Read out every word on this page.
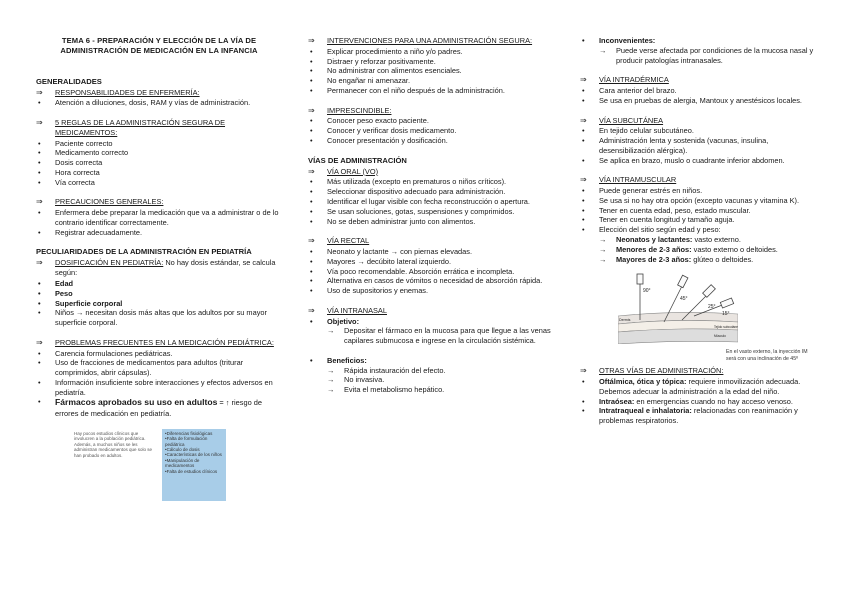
TEMA 6 - PREPARACIÓN Y ELECCIÓN DE LA VÍA DE
ADMINISTRACIÓN DE MEDICACIÓN EN LA INFANCIA
GENERALIDADES
⇒	RESPONSABILIDADES DE ENFERMERÍA:
• Atención a diluciones, dosis, RAM y vías de administración.
⇒	5 REGLAS DE LA ADMINISTRACIÓN SEGURA DE MEDICAMENTOS:
• Paciente correcto
• Medicamento correcto
• Dosis correcta
• Hora correcta
• Vía correcta
⇒	PRECAUCIONES GENERALES:
• Enfermera debe preparar la medicación que va a administrar o de lo contrario identificar correctamente.
• Registrar adecuadamente.
PECULIARIDADES DE LA ADMINISTRACIÓN EN PEDIATRÍA
⇒	DOSIFICACIÓN EN PEDIATRÍA: No hay dosis estándar, se calcula según:
• Edad
• Peso
• Superficie corporal
• Niños → necesitan dosis más altas que los adultos por su mayor superficie corporal.
⇒	PROBLEMAS FRECUENTES EN LA MEDICACIÓN PEDIÁTRICA:
• Carencia formulaciones pediátricas.
• Uso de fracciones de medicamentos para adultos (triturar comprimidos, abrir cápsulas).
• Información insuficiente sobre interacciones y efectos adversos en pediatría.
• Fármacos aprobados su uso en adultos = ↑ riesgo de errores de medicación en pediatría.
Hay pocos estudios clínicos que involucren a la población pediátrica. Además, a muchos niños se les administran medicamentos que solo se han probado en adultos.
• Diferencias fisiológicas
• Falta de formulación pediátrica
• Cálculo de dosis
• Características de los niños
• Manipulación de medicamentos
• Falta de estudios clínicos
⇒	INTERVENCIONES PARA UNA ADMINISTRACIÓN SEGURA:
• Explicar procedimiento a niño y/o padres.
• Distraer y reforzar positivamente.
• No administrar con alimentos esenciales.
• No engañar ni amenazar.
• Permanecer con el niño después de la administración.
⇒	IMPRESCINDIBLE:
• Conocer peso exacto paciente.
• Conocer y verificar dosis medicamento.
• Conocer presentación y dosificación.
VÍAS DE ADMINISTRACIÓN
⇒	VÍA ORAL (VO)
• Más utilizada (excepto en prematuros o niños críticos).
• Seleccionar dispositivo adecuado para administración.
• Identificar el lugar visible con fecha reconstrucción o apertura.
• Se usan soluciones, gotas, suspensiones y comprimidos.
• No se deben administrar junto con alimentos.
⇒	VÍA RECTAL
• Neonato y lactante → con piernas elevadas.
• Mayores → decúbito lateral izquierdo.
• Vía poco recomendable. Absorción errática e incompleta.
• Alternativa en casos de vómitos o necesidad de absorción rápida.
• Uso de supositorios y enemas.
⇒	VÍA INTRANASAL
• Objetivo:
→ Depositar el fármaco en la mucosa para que llegue a las venas capilares submucosa e ingrese en la circulación sistémica.
• Beneficios:
→ Rápida instauración del efecto.
→ No invasiva.
→ Evita el metabolismo hepático.
• Inconvenientes:
→ Puede verse afectada por condiciones de la mucosa nasal y producir patologías intranasales.
⇒	VÍA INTRADÉRMICA
• Cara anterior del brazo.
• Se usa en pruebas de alergia, Mantoux y anestésicos locales.
⇒	VÍA SUBCUTÁNEA
• En tejido celular subcutáneo.
• Administración lenta y sostenida (vacunas, insulina, desensibilización alérgica).
• Se aplica en brazo, muslo o cuadrante inferior abdomen.
⇒	VÍA INTRAMUSCULAR
• Puede generar estrés en niños.
• Se usa si no hay otra opción (excepto vacunas y vitamina K).
• Tener en cuenta edad, peso, estado muscular.
• Tener en cuenta longitud y tamaño aguja.
• Elección del sitio según edad y peso:
→ Neonatos y lactantes: vasto externo.
→ Menores de 2-3 años: vasto externo o deltoides.
→ Mayores de 2-3 años: glúteo o deltoides.
90°
45°
25°
15°
Dermis
Tejido subcutáneo
Músculo
En el vasto externo, la inyección IM será con una inclinación de 45º
⇒	OTRAS VÍAS DE ADMINISTRACIÓN:
• Oftálmica, ótica y tópica: requiere inmovilización adecuada. Debemos adecuar la administración a la edad del niño.
• Intraósea: en emergencias cuando no hay acceso venoso.
• Intratraqueal e inhalatoria: relacionadas con reanimación y problemas respiratorios.
